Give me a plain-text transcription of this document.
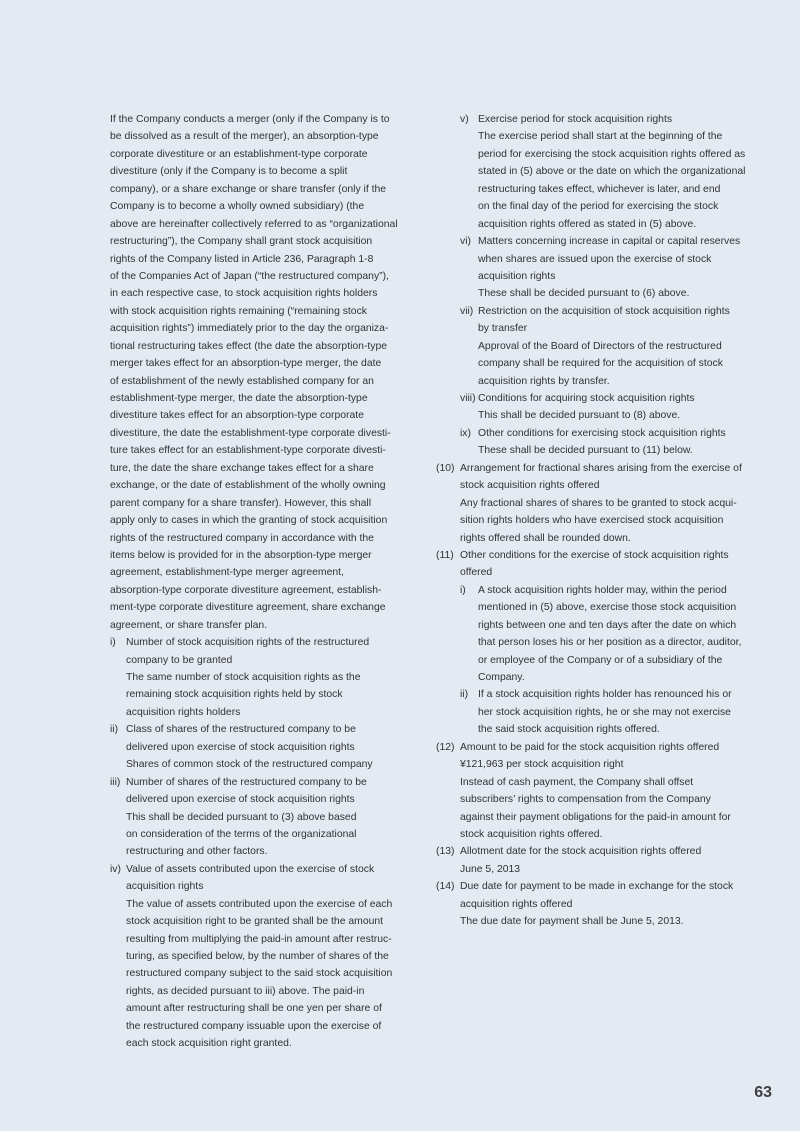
If the Company conducts a merger (only if the Company is to
be dissolved as a result of the merger), an absorption-type
corporate divestiture or an establishment-type corporate
divestiture (only if the Company is to become a split
company), or a share exchange or share transfer (only if the
Company is to become a wholly owned subsidiary) (the
above are hereinafter collectively referred to as “organizational
restructuring”), the Company shall grant stock acquisition
rights of the Company listed in Article 236, Paragraph 1-8
of the Companies Act of Japan (“the restructured company”),
in each respective case, to stock acquisition rights holders
with stock acquisition rights remaining (“remaining stock
acquisition rights”) immediately prior to the day the organiza-
tional restructuring takes effect (the date the absorption-type
merger takes effect for an absorption-type merger, the date
of establishment of the newly established company for an
establishment-type merger, the date the absorption-type
divestiture takes effect for an absorption-type corporate
divestiture, the date the establishment-type corporate divesti-
ture takes effect for an establishment-type corporate divesti-
ture, the date the share exchange takes effect for a share
exchange, or the date of establishment of the wholly owning
parent company for a share transfer). However, this shall
apply only to cases in which the granting of stock acquisition
rights of the restructured company in accordance with the
items below is provided for in the absorption-type merger
agreement, establishment-type merger agreement,
absorption-type corporate divestiture agreement, establish-
ment-type corporate divestiture agreement, share exchange
agreement, or share transfer plan.
i) Number of stock acquisition rights of the restructured
company to be granted
The same number of stock acquisition rights as the
remaining stock acquisition rights held by stock
acquisition rights holders
ii) Class of shares of the restructured company to be
delivered upon exercise of stock acquisition rights
Shares of common stock of the restructured company
iii) Number of shares of the restructured company to be
delivered upon exercise of stock acquisition rights
This shall be decided pursuant to (3) above based
on consideration of the terms of the organizational
restructuring and other factors.
iv) Value of assets contributed upon the exercise of stock
acquisition rights
The value of assets contributed upon the exercise of each
stock acquisition right to be granted shall be the amount
resulting from multiplying the paid-in amount after restruc-
turing, as specified below, by the number of shares of the
restructured company subject to the said stock acquisition
rights, as decided pursuant to iii) above. The paid-in
amount after restructuring shall be one yen per share of
the restructured company issuable upon the exercise of
each stock acquisition right granted.
v) Exercise period for stock acquisition rights
The exercise period shall start at the beginning of the
period for exercising the stock acquisition rights offered as
stated in (5) above or the date on which the organizational
restructuring takes effect, whichever is later, and end
on the final day of the period for exercising the stock
acquisition rights offered as stated in (5) above.
vi) Matters concerning increase in capital or capital reserves
when shares are issued upon the exercise of stock
acquisition rights
These shall be decided pursuant to (6) above.
vii) Restriction on the acquisition of stock acquisition rights
by transfer
Approval of the Board of Directors of the restructured
company shall be required for the acquisition of stock
acquisition rights by transfer.
viii) Conditions for acquiring stock acquisition rights
This shall be decided pursuant to (8) above.
ix) Other conditions for exercising stock acquisition rights
These shall be decided pursuant to (11) below.
(10) Arrangement for fractional shares arising from the exercise of
stock acquisition rights offered
Any fractional shares of shares to be granted to stock acqui-
sition rights holders who have exercised stock acquisition
rights offered shall be rounded down.
(11) Other conditions for the exercise of stock acquisition rights
offered
i) A stock acquisition rights holder may, within the period
mentioned in (5) above, exercise those stock acquisition
rights between one and ten days after the date on which
that person loses his or her position as a director, auditor,
or employee of the Company or of a subsidiary of the
Company.
ii) If a stock acquisition rights holder has renounced his or
her stock acquisition rights, he or she may not exercise
the said stock acquisition rights offered.
(12) Amount to be paid for the stock acquisition rights offered
¥121,963 per stock acquisition right
Instead of cash payment, the Company shall offset
subscribers’ rights to compensation from the Company
against their payment obligations for the paid-in amount for
stock acquisition rights offered.
(13) Allotment date for the stock acquisition rights offered
June 5, 2013
(14) Due date for payment to be made in exchange for the stock
acquisition rights offered
The due date for payment shall be June 5, 2013.
63
